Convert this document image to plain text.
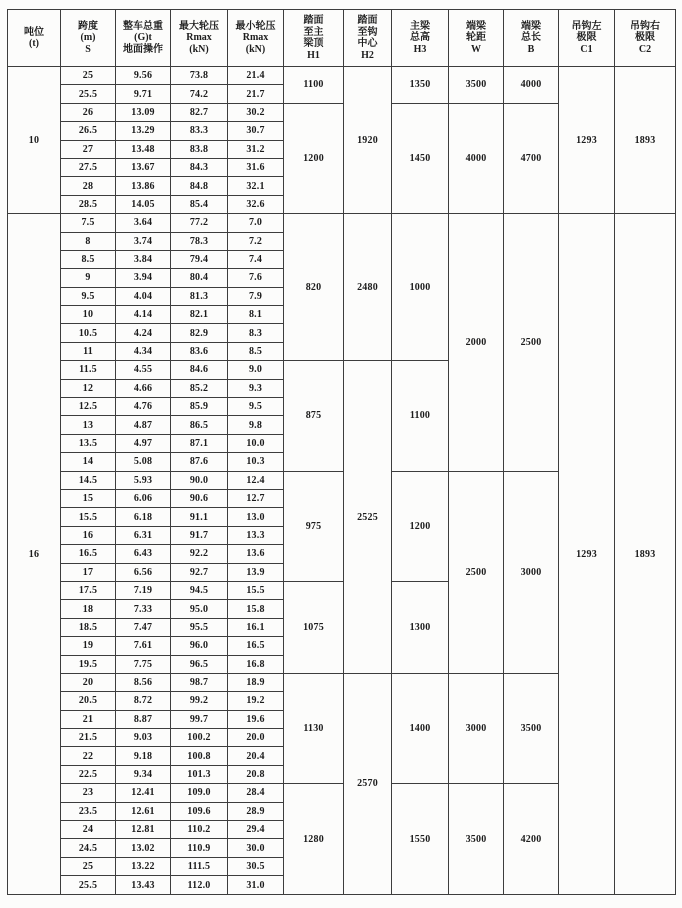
吨位
(t)	跨度
(m)
S	整车总重
(G)t
地面操作	最大轮压
Rmax
(kN)	最小轮压
Rmax
(kN)	踏面
至主
梁顶
H1	踏面
至钩
中心
H2	主梁
总高
H3	端梁
轮距
W	端梁
总长
B	吊钩左
极限
C1	吊钩右
极限
C2

10	25	9.56	73.8	21.4	1100	1920	1350	3500	4000	1293	1893
	25.5	9.71	74.2	21.7							
	26	13.09	82.7	30.2	1200		1450	4000	4700		
	26.5	13.29	83.3	30.7							
	27	13.48	83.8	31.2							
	27.5	13.67	84.3	31.6							
	28	13.86	84.8	32.1							
	28.5	14.05	85.4	32.6							
16	7.5	3.64	77.2	7.0	820	2480	1000	2000	2500	1293	1893
	8	3.74	78.3	7.2							
	8.5	3.84	79.4	7.4							
	9	3.94	80.4	7.6							
	9.5	4.04	81.3	7.9							
	10	4.14	82.1	8.1							
	10.5	4.24	82.9	8.3							
	11	4.34	83.6	8.5							
	11.5	4.55	84.6	9.0	875	2525	1100				
	12	4.66	85.2	9.3							
	12.5	4.76	85.9	9.5							
	13	4.87	86.5	9.8							
	13.5	4.97	87.1	10.0							
	14	5.08	87.6	10.3							
	14.5	5.93	90.0	12.4	975		1200	2500	3000		
	15	6.06	90.6	12.7							
	15.5	6.18	91.1	13.0							
	16	6.31	91.7	13.3							
	16.5	6.43	92.2	13.6							
	17	6.56	92.7	13.9							
	17.5	7.19	94.5	15.5	1075		1300				
	18	7.33	95.0	15.8							
	18.5	7.47	95.5	16.1							
	19	7.61	96.0	16.5							
	19.5	7.75	96.5	16.8							
	20	8.56	98.7	18.9	1130	2570	1400	3000	3500		
	20.5	8.72	99.2	19.2							
	21	8.87	99.7	19.6							
	21.5	9.03	100.2	20.0							
	22	9.18	100.8	20.4							
	22.5	9.34	101.3	20.8							
	23	12.41	109.0	28.4	1280		1550	3500	4200		
	23.5	12.61	109.6	28.9							
	24	12.81	110.2	29.4							
	24.5	13.02	110.9	30.0							
	25	13.22	111.5	30.5							
	25.5	13.43	112.0	31.0							
